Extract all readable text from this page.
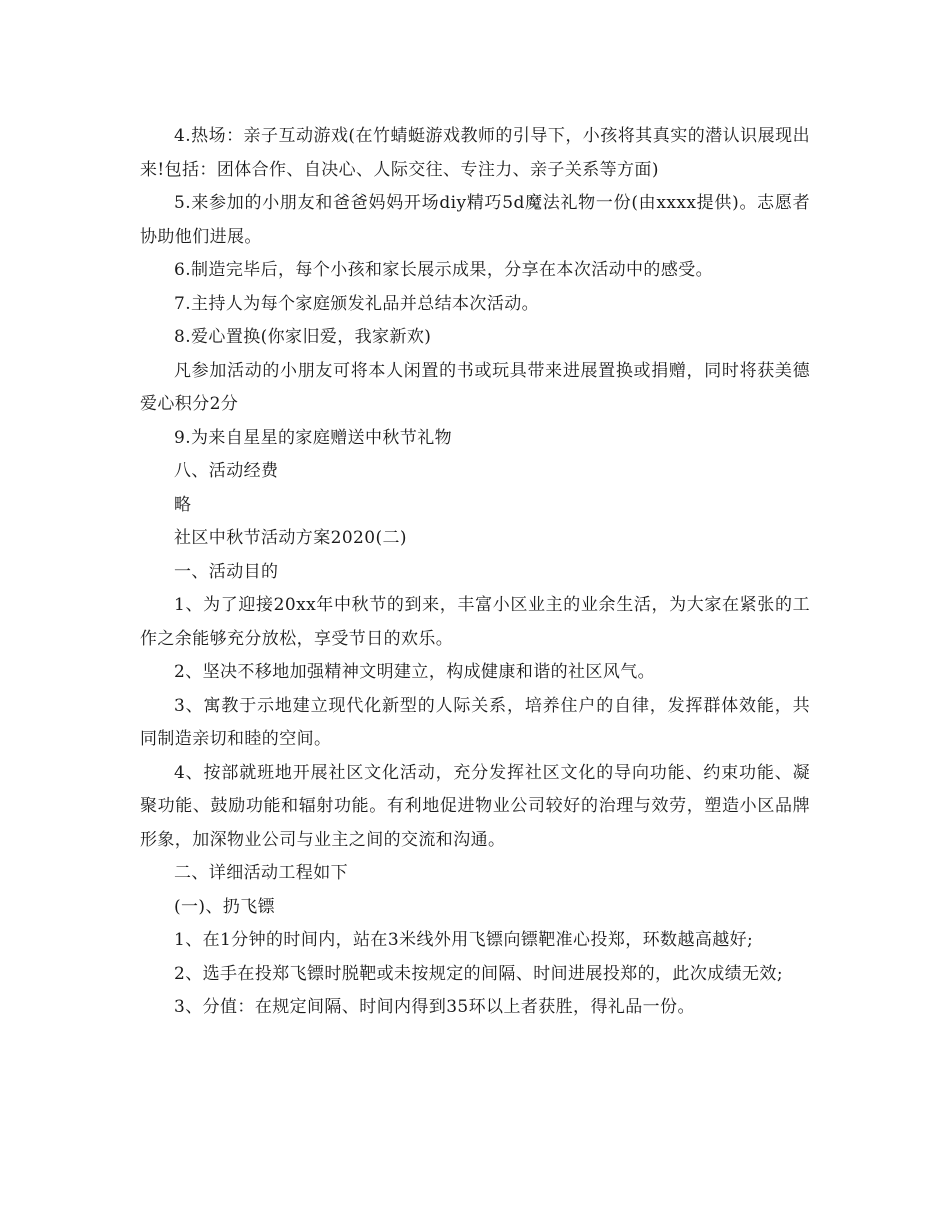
4.热场：亲子互动游戏(在竹蜻蜓游戏教师的引导下，小孩将其真实的潜认识展现出来!包括：团体合作、自决心、人际交往、专注力、亲子关系等方面)

5.来参加的小朋友和爸爸妈妈开场diy精巧5d魔法礼物一份(由xxxx提供)。志愿者协助他们进展。

6.制造完毕后，每个小孩和家长展示成果，分享在本次活动中的感受。

7.主持人为每个家庭颁发礼品并总结本次活动。

8.爱心置换(你家旧爱，我家新欢)

凡参加活动的小朋友可将本人闲置的书或玩具带来进展置换或捐赠，同时将获美德爱心积分2分

9.为来自星星的家庭赠送中秋节礼物

八、活动经费

略

社区中秋节活动方案2020(二)

一、活动目的

1、为了迎接20xx年中秋节的到来，丰富小区业主的业余生活，为大家在紧张的工作之余能够充分放松，享受节日的欢乐。

2、坚决不移地加强精神文明建立，构成健康和谐的社区风气。

3、寓教于示地建立现代化新型的人际关系，培养住户的自律，发挥群体效能，共同制造亲切和睦的空间。

4、按部就班地开展社区文化活动，充分发挥社区文化的导向功能、约束功能、凝聚功能、鼓励功能和辐射功能。有利地促进物业公司较好的治理与效劳，塑造小区品牌形象，加深物业公司与业主之间的交流和沟通。

二、详细活动工程如下

(一)、扔飞镖

1、在1分钟的时间内，站在3米线外用飞镖向镖靶准心投郑，环数越高越好;

2、选手在投郑飞镖时脱靶或未按规定的间隔、时间进展投郑的，此次成绩无效;

3、分值：在规定间隔、时间内得到35环以上者获胜，得礼品一份。
